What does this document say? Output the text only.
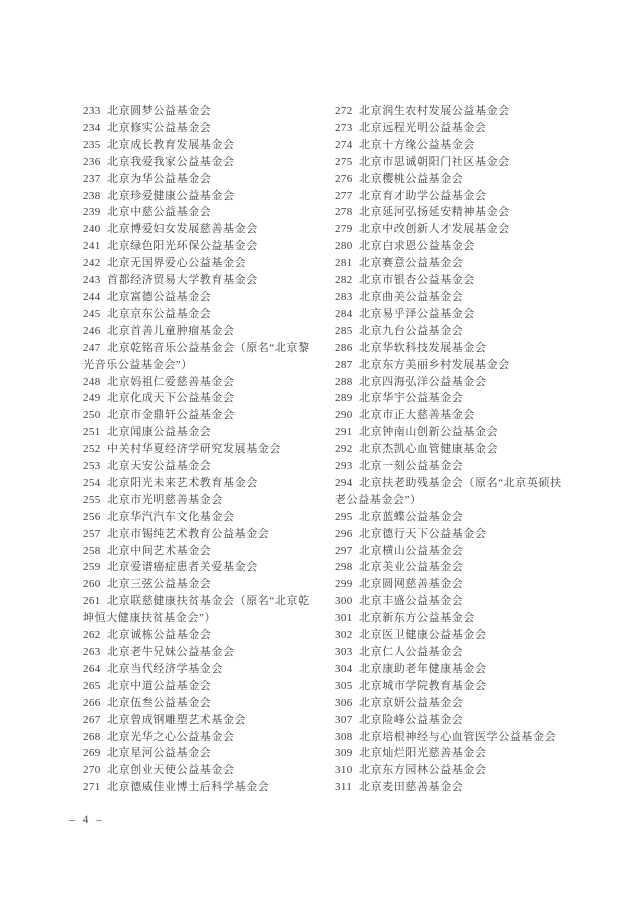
233 北京圆梦公益基金会
234 北京修实公益基金会
235 北京成长教育发展基金会
236 北京我爱我家公益基金会
237 北京为华公益基金会
238 北京珍爱健康公益基金会
239 北京中慈公益基金会
240 北京博爱妇女发展慈善基金会
241 北京绿色阳光环保公益基金会
242 北京无国界爱心公益基金会
243 首都经济贸易大学教育基金会
244 北京富德公益基金会
245 北京京东公益基金会
246 北京首善儿童肿瘤基金会
247 北京乾铭音乐公益基金会（原名“北京黎光音乐公益基金会”）
248 北京妈祖仁爱慈善基金会
249 北京化成天下公益基金会
250 北京市金鼎轩公益基金会
251 北京闻康公益基金会
252 中关村华夏经济学研究发展基金会
253 北京天安公益基金会
254 北京阳光未来艺术教育基金会
255 北京市光明慈善基金会
256 北京华汽汽车文化基金会
257 北京市锡纯艺术教育公益基金会
258 北京中间艺术基金会
259 北京爱谱癌症患者关爱基金会
260 北京三弦公益基金会
261 北京联慈健康扶贫基金会（原名“北京乾坤恒大健康扶贫基金会”）
262 北京诚栋公益基金会
263 北京老牛兄妹公益基金会
264 北京当代经济学基金会
265 北京中道公益基金会
266 北京伍叁公益基金会
267 北京曾成钢雕塑艺术基金会
268 北京光华之心公益基金会
269 北京星河公益基金会
270 北京创业天使公益基金会
271 北京德威佳业博士后科学基金会
272 北京润生农村发展公益基金会
273 北京远程光明公益基金会
274 北京十方缘公益基金会
275 北京市思诚朝阳门社区基金会
276 北京樱桃公益基金会
277 北京育才助学公益基金会
278 北京延河弘扬延安精神基金会
279 北京中改创新人才发展基金会
280 北京白求恩公益基金会
281 北京赛意公益基金会
282 北京市银杏公益基金会
283 北京曲美公益基金会
284 北京易乎泽公益基金会
285 北京九台公益基金会
286 北京华软科技发展基金会
287 北京东方美丽乡村发展基金会
288 北京四海弘洋公益基金会
289 北京华宇公益基金会
290 北京市正大慈善基金会
291 北京钟南山创新公益基金会
292 北京杰凯心血管健康基金会
293 北京一刻公益基金会
294 北京扶老助残基金会（原名“北京英硕扶老公益基金会”）
295 北京蓝蝶公益基金会
296 北京德行天下公益基金会
297 北京横山公益基金会
298 北京美业公益基金会
299 北京圆网慈善基金会
300 北京丰盛公益基金会
301 北京新东方公益基金会
302 北京医卫健康公益基金会
303 北京仁人公益基金会
304 北京康助老年健康基金会
305 北京城市学院教育基金会
306 北京京妍公益基金会
307 北京险峰公益基金会
308 北京培根神经与心血管医学公益基金会
309 北京灿烂阳光慈善基金会
310 北京东方园林公益基金会
311 北京麦田慈善基金会
– 4 –
